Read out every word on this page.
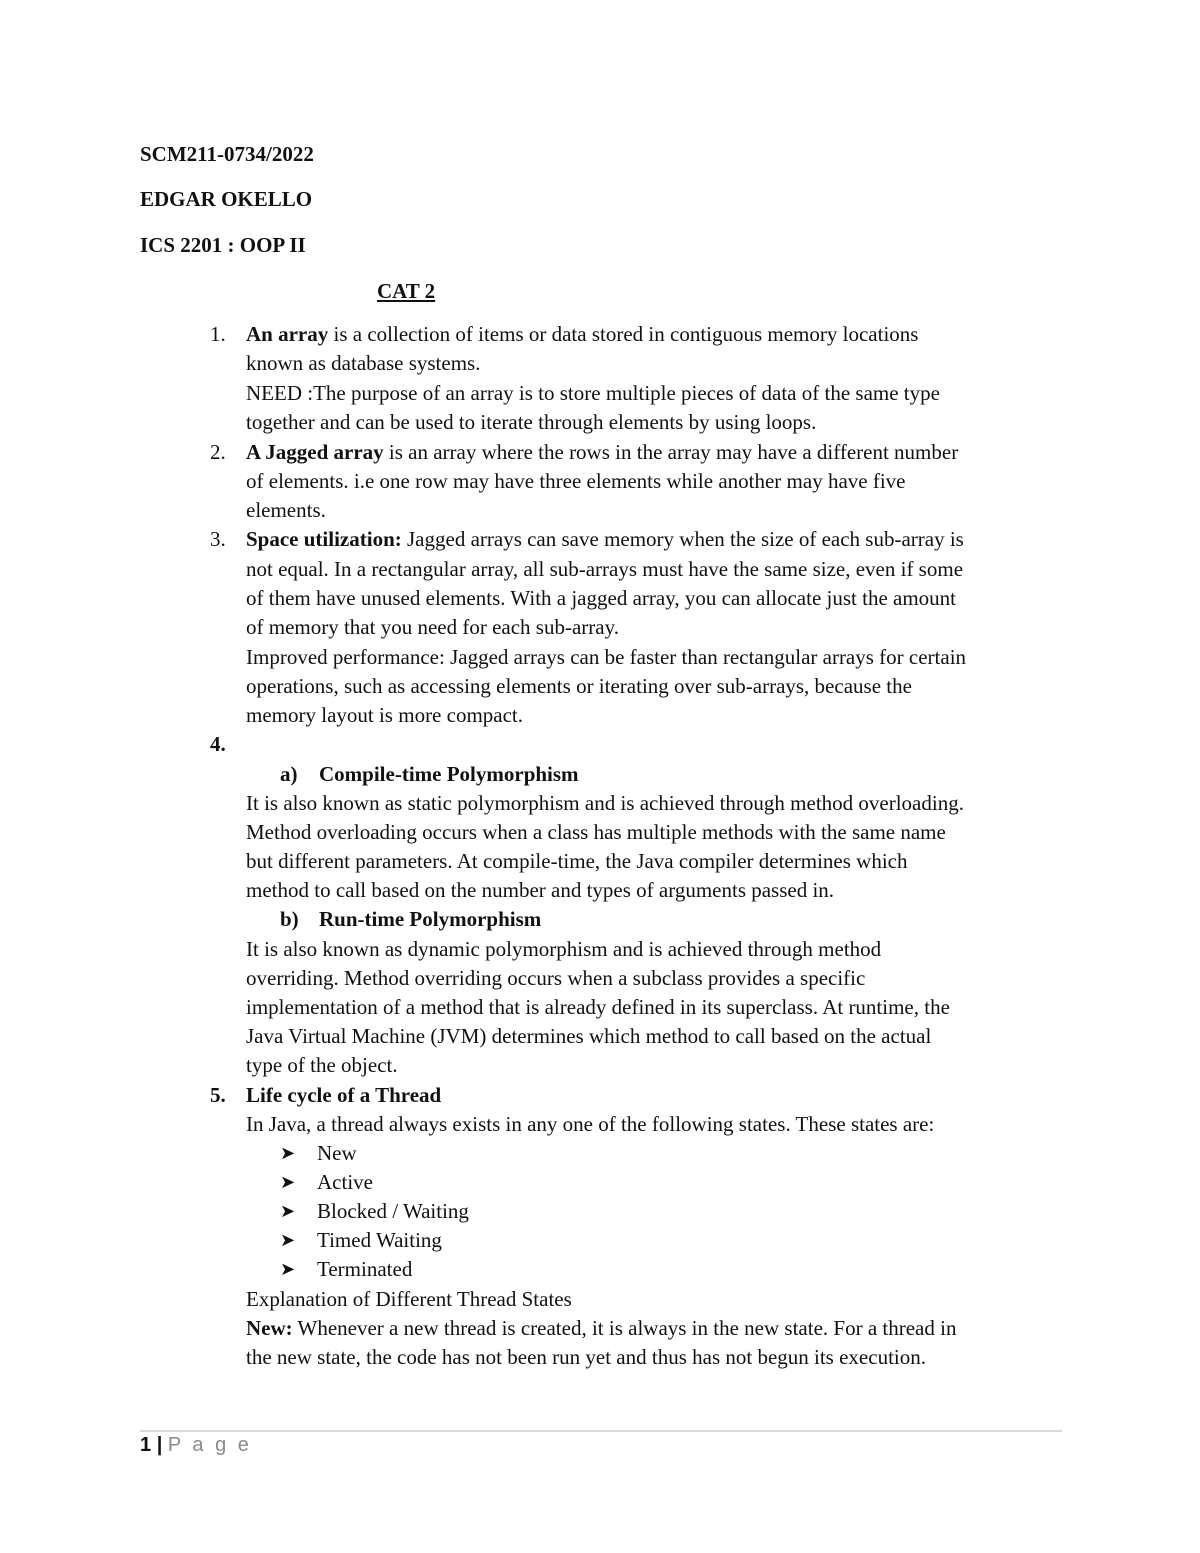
SCM211-0734/2022
EDGAR OKELLO
ICS 2201 : OOP II
CAT 2
1. An array is a collection of items or data stored in contiguous memory locations
known as database systems.
NEED :The purpose of an array is to store multiple pieces of data of the same type
together and can be used to iterate through elements by using loops.
2. A Jagged array is an array where the rows in the array may have a different number
of elements. i.e one row may have three elements while another may have five
elements.
3. Space utilization: Jagged arrays can save memory when the size of each sub-array is
not equal. In a rectangular array, all sub-arrays must have the same size, even if some
of them have unused elements. With a jagged array, you can allocate just the amount
of memory that you need for each sub-array.
Improved performance: Jagged arrays can be faster than rectangular arrays for certain
operations, such as accessing elements or iterating over sub-arrays, because the
memory layout is more compact.
4.
a) Compile-time Polymorphism
It is also known as static polymorphism and is achieved through method overloading.
Method overloading occurs when a class has multiple methods with the same name
but different parameters. At compile-time, the Java compiler determines which
method to call based on the number and types of arguments passed in.
b) Run-time Polymorphism
It is also known as dynamic polymorphism and is achieved through method
overriding. Method overriding occurs when a subclass provides a specific
implementation of a method that is already defined in its superclass. At runtime, the
Java Virtual Machine (JVM) determines which method to call based on the actual
type of the object.
5. Life cycle of a Thread
In Java, a thread always exists in any one of the following states. These states are:
➤ New
➤ Active
➤ Blocked / Waiting
➤ Timed Waiting
➤ Terminated
Explanation of Different Thread States
New: Whenever a new thread is created, it is always in the new state. For a thread in
the new state, the code has not been run yet and thus has not begun its execution.
1 | P a g e
